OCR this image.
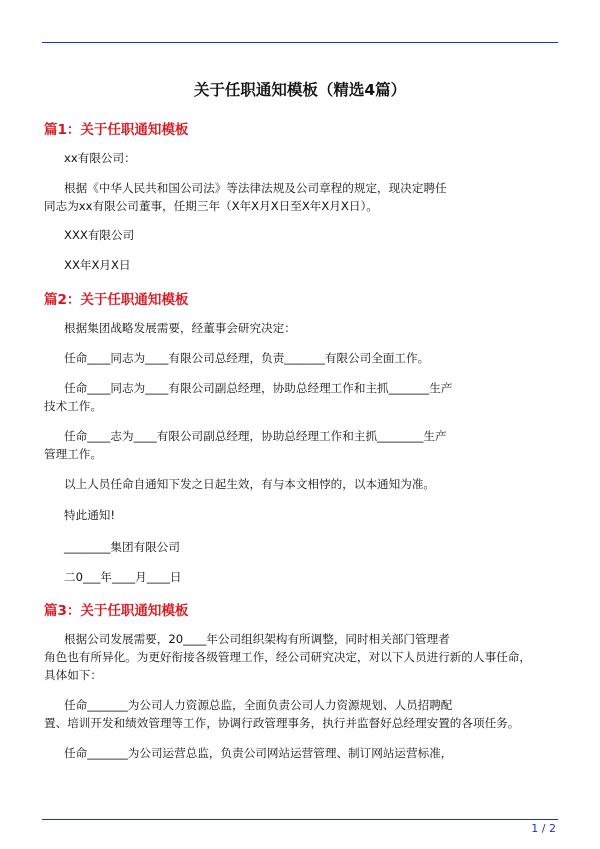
关于任职通知模板（精选4篇）
篇1：关于任职通知模板
xx有限公司：
根据《中华人民共和国公司法》等法律法规及公司章程的规定，现决定聘任
同志为xx有限公司董事，任期三年（X年X月X日至X年X月X日）。
XXX有限公司
XX年X月X日
篇2：关于任职通知模板
根据集团战略发展需要，经董事会研究决定：
任命____同志为____有限公司总经理，负责_______有限公司全面工作。
任命____同志为____有限公司副总经理，协助总经理工作和主抓_______生产
技术工作。
任命____志为____有限公司副总经理，协助总经理工作和主抓________生产
管理工作。
以上人员任命自通知下发之日起生效，有与本文相悖的，以本通知为准。
特此通知!
________集团有限公司
二0___年____月____日
篇3：关于任职通知模板
根据公司发展需要，20____年公司组织架构有所调整，同时相关部门管理者
角色也有所异化。为更好衔接各级管理工作，经公司研究决定，对以下人员进行新的人事任命，
具体如下：
任命_______为公司人力资源总监，全面负责公司人力资源规划、人员招聘配
置、培训开发和绩效管理等工作，协调行政管理事务，执行并监督好总经理安置的各项任务。
任命_______为公司运营总监，负责公司网站运营管理、制订网站运营标准，
1 / 2
